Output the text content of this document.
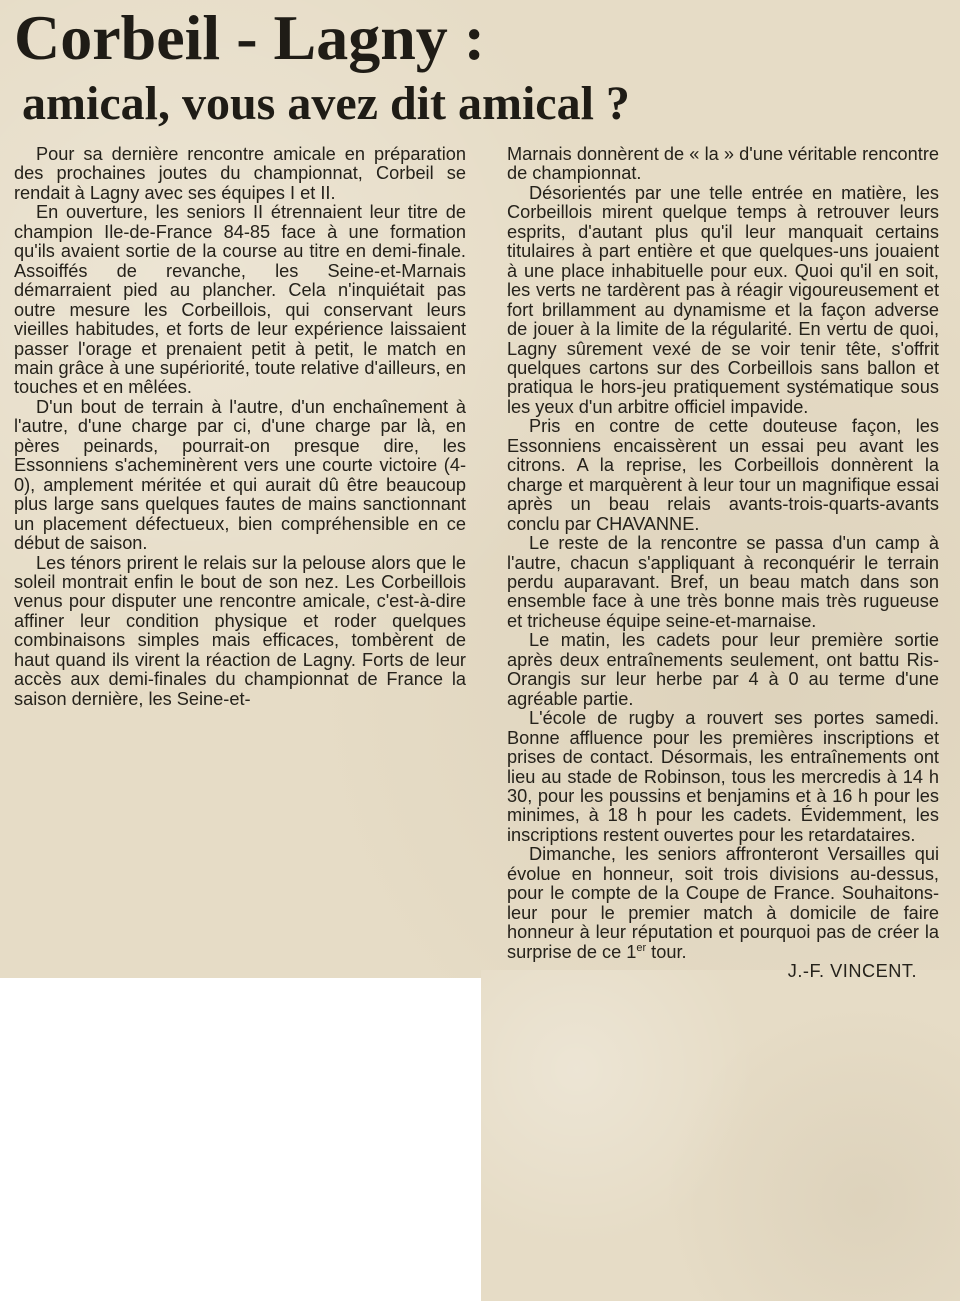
Corbeil - Lagny :
amical, vous avez dit amical ?

Pour sa dernière rencontre amicale en préparation des prochaines joutes du championnat, Corbeil se rendait à Lagny avec ses équipes I et II.

En ouverture, les seniors II étrennaient leur titre de champion Ile-de-France 84-85 face à une formation qu'ils avaient sortie de la course au titre en demi-finale. Assoiffés de revanche, les Seine-et-Marnais démarraient pied au plancher. Cela n'inquiétait pas outre mesure les Corbeillois, qui conservant leurs vieilles habitudes, et forts de leur expérience laissaient passer l'orage et prenaient petit à petit, le match en main grâce à une supériorité, toute relative d'ailleurs, en touches et en mêlées.

D'un bout de terrain à l'autre, d'un enchaînement à l'autre, d'une charge par ci, d'une charge par là, en pères peinards, pourrait-on presque dire, les Essonniens s'acheminèrent vers une courte victoire (4-0), amplement méritée et qui aurait dû être beaucoup plus large sans quelques fautes de mains sanctionnant un placement défectueux, bien compréhensible en ce début de saison.

Les ténors prirent le relais sur la pelouse alors que le soleil montrait enfin le bout de son nez. Les Corbeillois venus pour disputer une rencontre amicale, c'est-à-dire affiner leur condition physique et roder quelques combinaisons simples mais efficaces, tombèrent de haut quand ils virent la réaction de Lagny. Forts de leur accès aux demi-finales du championnat de France la saison dernière, les Seine-et-

Marnais donnèrent de « la » d'une véritable rencontre de championnat.

Désorientés par une telle entrée en matière, les Corbeillois mirent quelque temps à retrouver leurs esprits, d'autant plus qu'il leur manquait certains titulaires à part entière et que quelques-uns jouaient à une place inhabituelle pour eux. Quoi qu'il en soit, les verts ne tardèrent pas à réagir vigoureusement et fort brillamment au dynamisme et la façon adverse de jouer à la limite de la régularité. En vertu de quoi, Lagny sûrement vexé de se voir tenir tête, s'offrit quelques cartons sur des Corbeillois sans ballon et pratiqua le hors-jeu pratiquement systématique sous les yeux d'un arbitre officiel impavide.

Pris en contre de cette douteuse façon, les Essonniens encaissèrent un essai peu avant les citrons. A la reprise, les Corbeillois donnèrent la charge et marquèrent à leur tour un magnifique essai après un beau relais avants-trois-quarts-avants conclu par CHAVANNE.

Le reste de la rencontre se passa d'un camp à l'autre, chacun s'appliquant à reconquérir le terrain perdu auparavant. Bref, un beau match dans son ensemble face à une très bonne mais très rugueuse et tricheuse équipe seine-et-marnaise.

Le matin, les cadets pour leur première sortie après deux entraînements seulement, ont battu Ris-Orangis sur leur herbe par 4 à 0 au terme d'une agréable partie.

L'école de rugby a rouvert ses portes samedi. Bonne affluence pour les premières inscriptions et prises de contact. Désormais, les entraînements ont lieu au stade de Robinson, tous les mercredis à 14 h 30, pour les poussins et benjamins et à 16 h pour les minimes, à 18 h pour les cadets. Évidemment, les inscriptions restent ouvertes pour les retardataires.

Dimanche, les seniors affronteront Versailles qui évolue en honneur, soit trois divisions au-dessus, pour le compte de la Coupe de France. Souhaitons-leur pour le premier match à domicile de faire honneur à leur réputation et pourquoi pas de créer la surprise de ce 1er tour.

J.-F. VINCENT.
